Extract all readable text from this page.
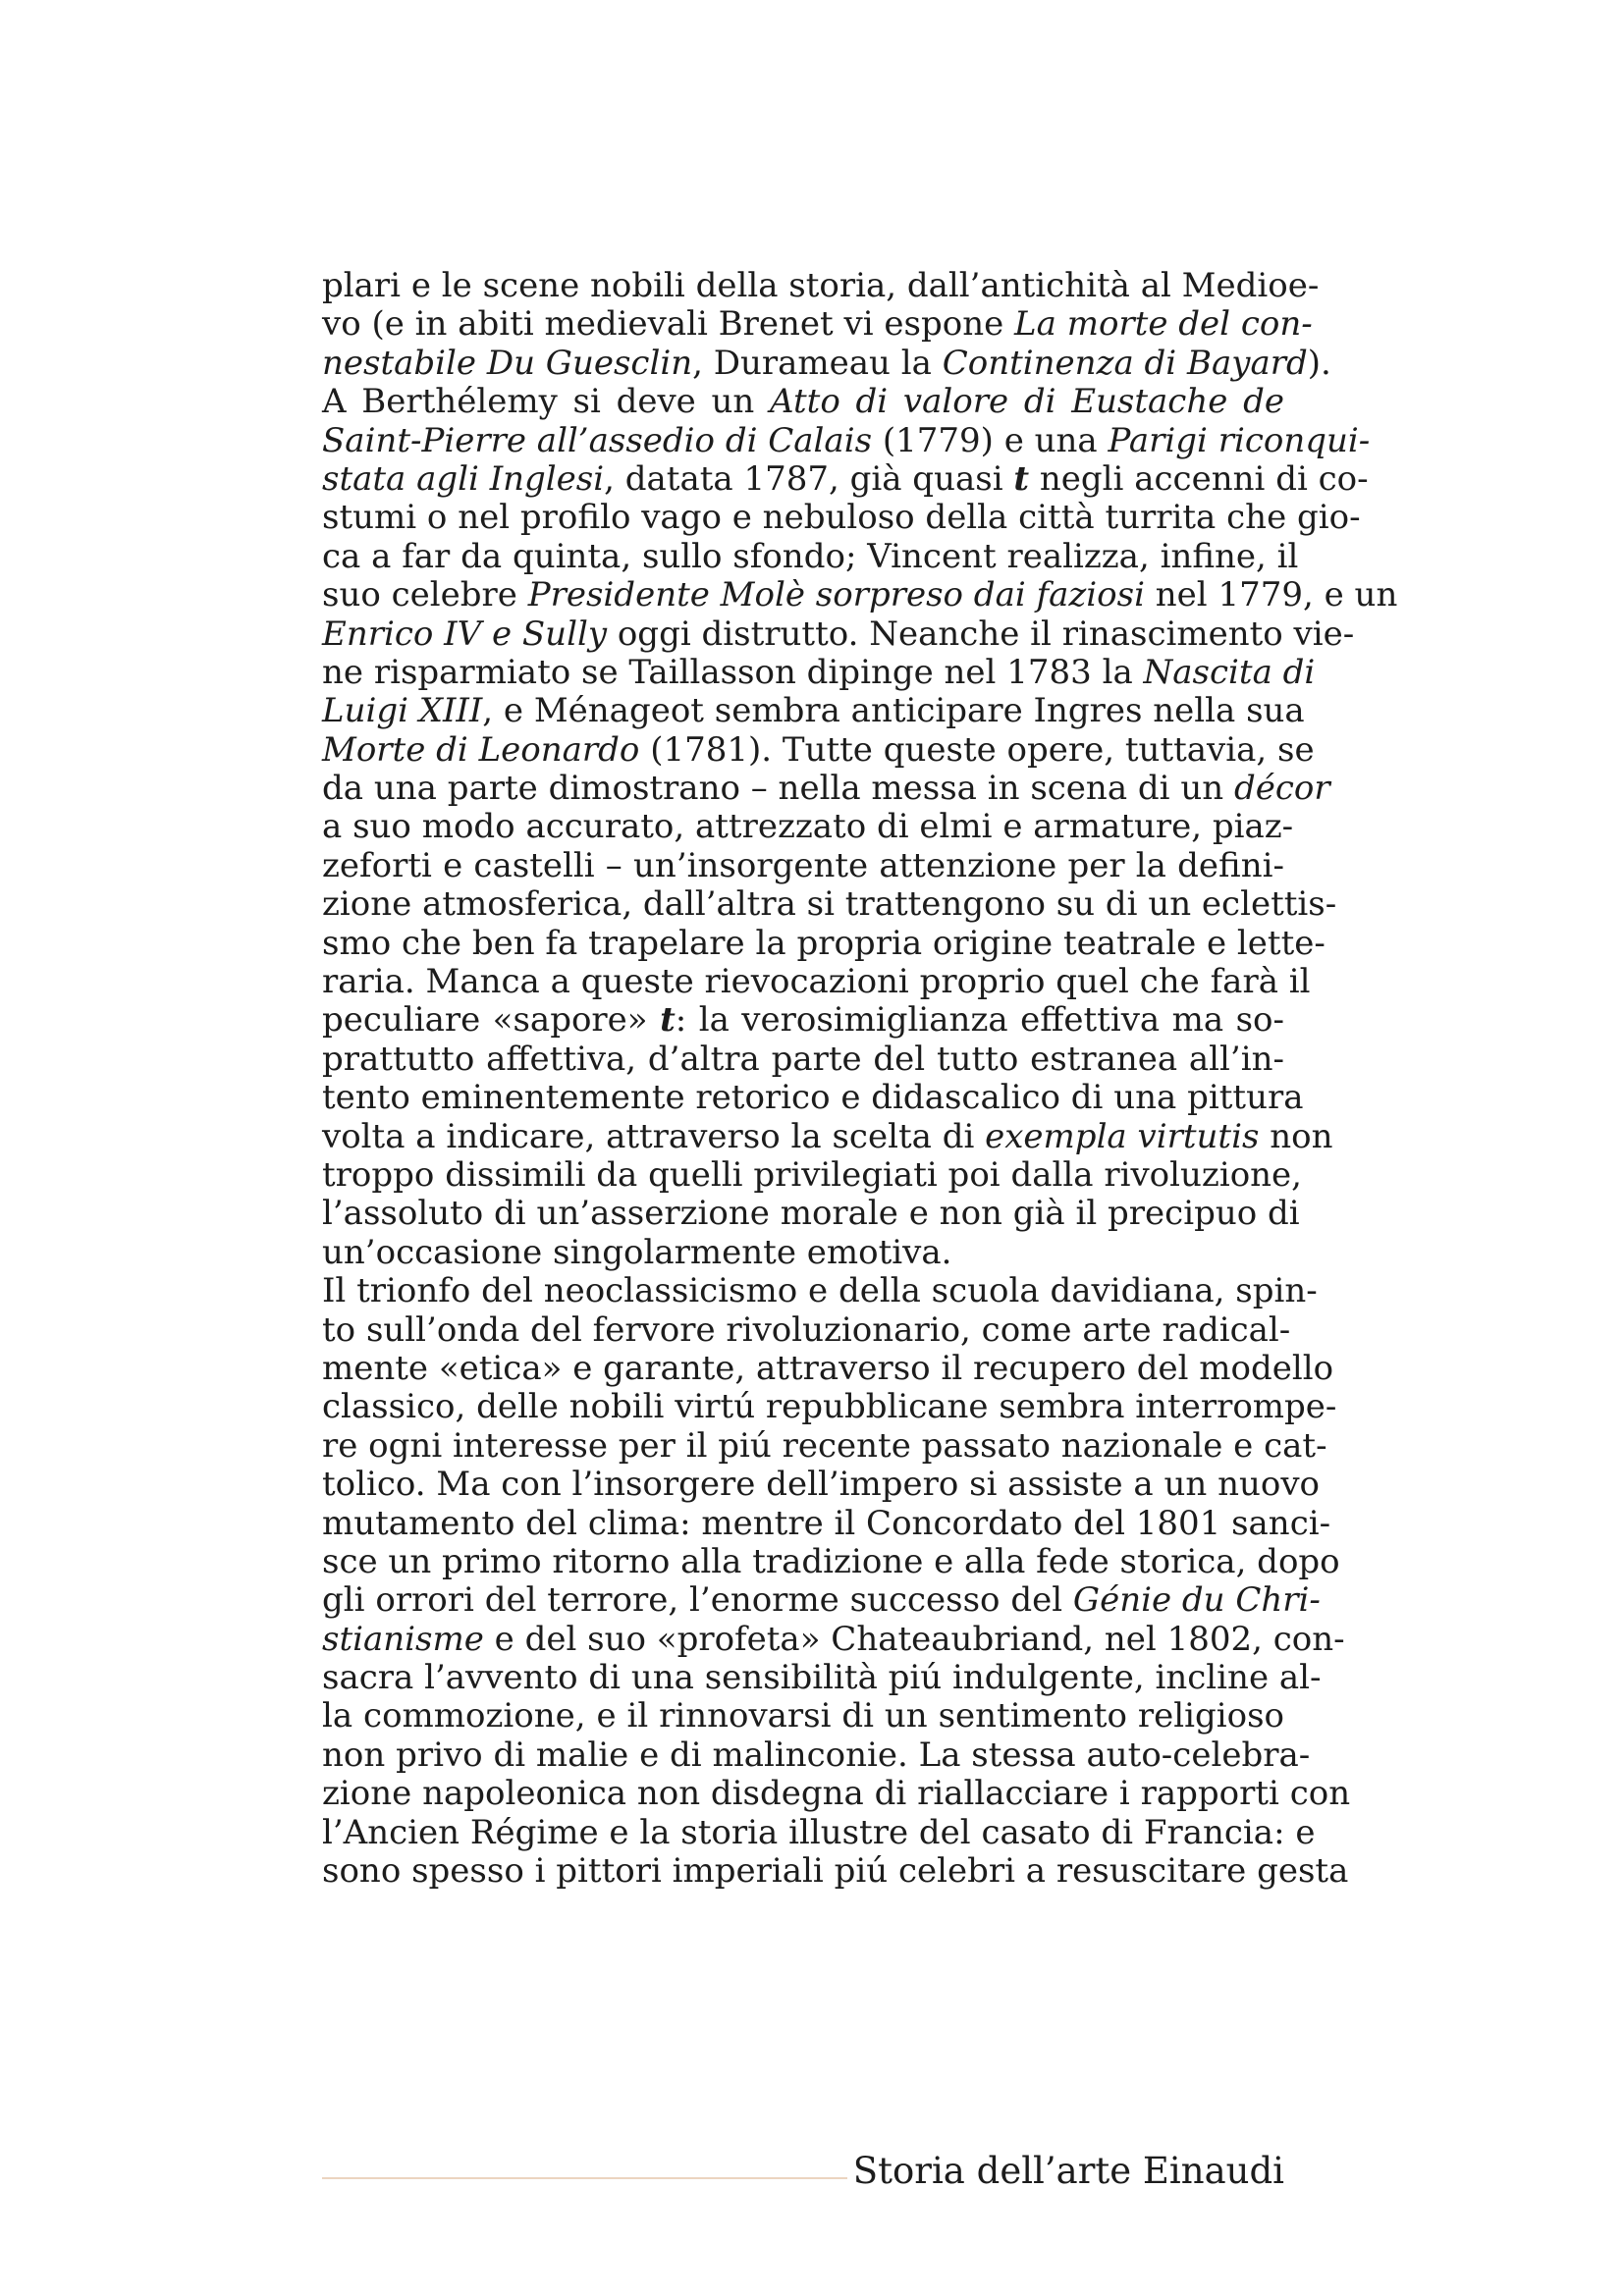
plari e le scene nobili della storia, dall’antichità al Medioe-
vo (e in abiti medievali Brenet vi espone La morte del con-
nestabile Du Guesclin, Durameau la Continenza di Bayard).
A Berthélemy si deve un Atto di valore di Eustache de
Saint-Pierre all’assedio di Calais (1779) e una Parigi riconqui-
stata agli Inglesi, datata 1787, già quasi t negli accenni di co-
stumi o nel profilo vago e nebuloso della città turrita che gio-
ca a far da quinta, sullo sfondo; Vincent realizza, infine, il
suo celebre Presidente Molè sorpreso dai faziosi nel 1779, e un
Enrico IV e Sully oggi distrutto. Neanche il rinascimento vie-
ne risparmiato se Taillasson dipinge nel 1783 la Nascita di
Luigi XIII, e Ménageot sembra anticipare Ingres nella sua
Morte di Leonardo (1781). Tutte queste opere, tuttavia, se
da una parte dimostrano – nella messa in scena di un décor
a suo modo accurato, attrezzato di elmi e armature, piaz-
zeforti e castelli – un’insorgente attenzione per la defini-
zione atmosferica, dall’altra si trattengono su di un eclettis-
smo che ben fa trapelare la propria origine teatrale e lette-
raria. Manca a queste rievocazioni proprio quel che farà il
peculiare «sapore» t: la verosimiglianza effettiva ma so-
prattutto affettiva, d’altra parte del tutto estranea all’in-
tento eminentemente retorico e didascalico di una pittura
volta a indicare, attraverso la scelta di exempla virtutis non
troppo dissimili da quelli privilegiati poi dalla rivoluzione,
l’assoluto di un’asserzione morale e non già il precipuo di
un’occasione singolarmente emotiva.
Il trionfo del neoclassicismo e della scuola davidiana, spin-
to sull’onda del fervore rivoluzionario, come arte radical-
mente «etica» e garante, attraverso il recupero del modello
classico, delle nobili virtú repubblicane sembra interrompe-
re ogni interesse per il piú recente passato nazionale e cat-
tolico. Ma con l’insorgere dell’impero si assiste a un nuovo
mutamento del clima: mentre il Concordato del 1801 sanci-
sce un primo ritorno alla tradizione e alla fede storica, dopo
gli orrori del terrore, l’enorme successo del Génie du Chri-
stianisme e del suo «profeta» Chateaubriand, nel 1802, con-
sacra l’avvento di una sensibilità piú indulgente, incline al-
la commozione, e il rinnovarsi di un sentimento religioso
non privo di malie e di malinconie. La stessa auto-celebra-
zione napoleonica non disdegna di riallacciare i rapporti con
l’Ancien Régime e la storia illustre del casato di Francia: e
sono spesso i pittori imperiali piú celebri a resuscitare gesta
Storia dell’arte Einaudi
